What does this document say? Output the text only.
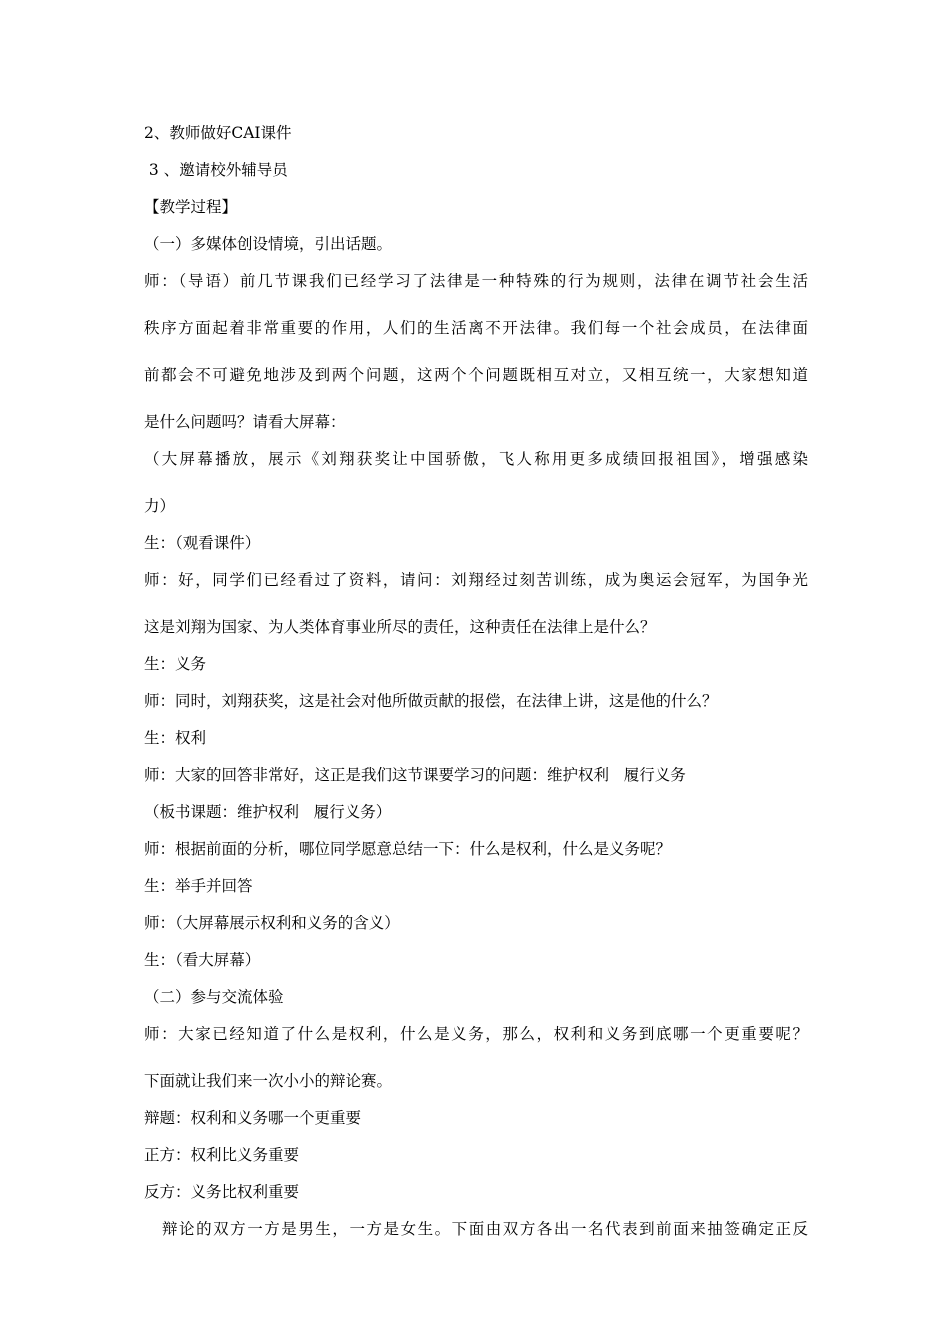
2、教师做好CAI课件

3 、邀请校外辅导员

【教学过程】

（一）多媒体创设情境，引出话题。

师：（导语）前几节课我们已经学习了法律是一种特殊的行为规则，法律在调节社会生活

秩序方面起着非常重要的作用，人们的生活离不开法律。我们每一个社会成员，在法律面

前都会不可避免地涉及到两个问题，这两个个问题既相互对立，又相互统一，大家想知道

是什么问题吗？请看大屏幕：

（大屏幕播放，展示《刘翔获奖让中国骄傲，飞人称用更多成绩回报祖国》，增强感染

力）

生：（观看课件）

师：好，同学们已经看过了资料，请问：刘翔经过刻苦训练，成为奥运会冠军，为国争光

这是刘翔为国家、为人类体育事业所尽的责任，这种责任在法律上是什么？

生：义务

师：同时，刘翔获奖，这是社会对他所做贡献的报偿，在法律上讲，这是他的什么？

生：权利

师：大家的回答非常好，这正是我们这节课要学习的问题：维护权利   履行义务

（板书课题：维护权利   履行义务）

师：根据前面的分析，哪位同学愿意总结一下：什么是权利，什么是义务呢？

生：举手并回答

师：（大屏幕展示权利和义务的含义）

生：（看大屏幕）

（二）参与交流体验

师：大家已经知道了什么是权利，什么是义务，那么，权利和义务到底哪一个更重要呢？

下面就让我们来一次小小的辩论赛。

辩题：权利和义务哪一个更重要

正方：权利比义务重要

反方：义务比权利重要

辩论的双方一方是男生，一方是女生。下面由双方各出一名代表到前面来抽签确定正反
